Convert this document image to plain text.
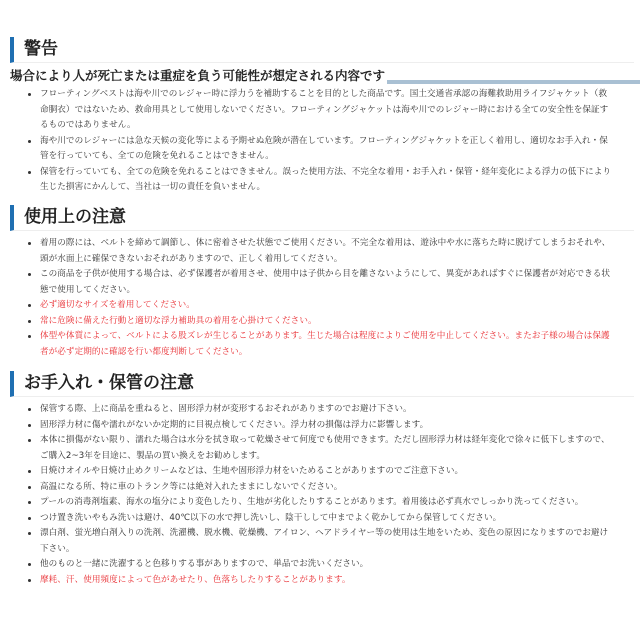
警告
場合により人が死亡または重症を負う可能性が想定される内容です
フローティングベストは海や川でのレジャー時に浮力うを補助することを目的とした商品です。国土交通省承認の海難救助用ライフジャケット（救命胴衣）ではないため、救命用具として使用しないでください。フローティングジャケットは海や川でのレジャー時における全ての安全性を保証するものではありません。
海や川でのレジャーには急な天候の変化等による予期せぬ危険が潜在しています。フローティングジャケットを正しく着用し、適切なお手入れ・保管を行っていても、全ての危険を免れることはできません。
保管を行っていても、全ての危険を免れることはできません。誤った使用方法、不完全な着用・お手入れ・保管・経年変化による浮力の低下により生じた損害にかんして、当社は一切の責任を負いません。
使用上の注意
着用の際には、ベルトを締めて調節し、体に密着させた状態でご使用ください。不完全な着用は、遊泳中や水に落ちた時に脱げてしまうおそれや、頭が水面上に確保できないおそれがありますので、正しく着用してください。
この商品を子供が使用する場合は、必ず保護者が着用させ、使用中は子供から目を離さないようにして、異変があればすぐに保護者が対応できる状態で使用してください。
必ず適切なサイズを着用してください。
常に危険に備えた行動と適切な浮力補助具の着用を心掛けてください。
体型や体質によって、ベルトによる股ズレが生じることがあります。生じた場合は程度によりご使用を中止してください。またお子様の場合は保護者が必ず定期的に確認を行い都度判断してください。
お手入れ・保管の注意
保管する際、上に商品を重ねると、固形浮力材が変形するおそれがありますのでお避け下さい。
固形浮力材に傷や濡れがないか定期的に目視点検してください。浮力材の損傷は浮力に影響します。
本体に損傷がない限り、濡れた場合は水分を拭き取って乾燥させて何度でも使用できます。ただし固形浮力材は経年変化で徐々に低下しますので、ご購入2~3年を目途に、製品の買い換えをお勧めします。
日焼けオイルや日焼け止めクリームなどは、生地や固形浮力材をいためることがありますのでご注意下さい。
高温になる所、特に車のトランク等には絶対入れたままにしないでください。
プールの消毒剤塩素、海水の塩分により変色したり、生地が劣化したりすることがあります。着用後は必ず真水でしっかり洗ってください。
つけ置き洗いやもみ洗いは避け、40℃以下の水で押し洗いし、陰干しして中までよく乾かしてから保管してください。
漂白剤、蛍光増白剤入りの洗剤、洗濯機、脱水機、乾燥機、アイロン、ヘアドライヤー等の使用は生地をいため、変色の原因になりますのでお避け下さい。
他のものと一緒に洗濯すると色移りする事がありますので、単品でお洗いください。
摩耗、汗、使用頻度によって色があせたり、色落ちしたりすることがあります。
